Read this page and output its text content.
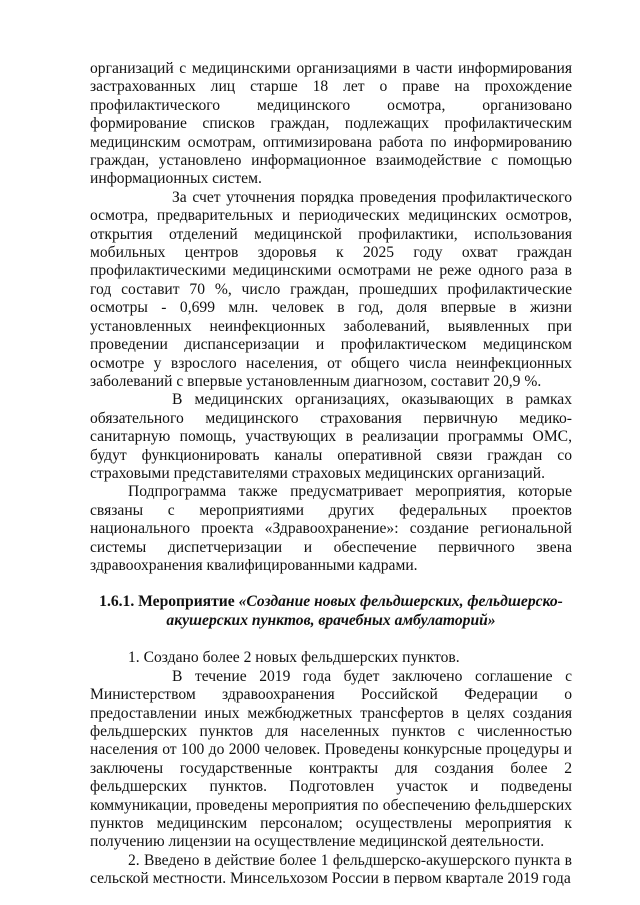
организаций с медицинскими организациями в части информирования застрахованных лиц старше 18 лет о праве на прохождение профилактического медицинского осмотра, организовано формирование списков граждан, подлежащих профилактическим медицинским осмотрам, оптимизирована работа по информированию граждан, установлено информационное взаимодействие с помощью информационных систем.

За счет уточнения порядка проведения профилактического осмотра, предварительных и периодических медицинских осмотров, открытия отделений медицинской профилактики, использования мобильных центров здоровья к 2025 году охват граждан профилактическими медицинскими осмотрами не реже одного раза в год составит 70 %, число граждан, прошедших профилактические осмотры - 0,699 млн. человек в год, доля впервые в жизни установленных неинфекционных заболеваний, выявленных при проведении диспансеризации и профилактическом медицинском осмотре у взрослого населения, от общего числа неинфекционных заболеваний с впервые установленным диагнозом, составит 20,9 %.

В медицинских организациях, оказывающих в рамках обязательного медицинского страхования первичную медико-санитарную помощь, участвующих в реализации программы ОМС, будут функционировать каналы оперативной связи граждан со страховыми представителями страховых медицинских организаций.

Подпрограмма также предусматривает мероприятия, которые связаны с мероприятиями других федеральных проектов национального проекта «Здравоохранение»: создание региональной системы диспетчеризации и обеспечение первичного звена здравоохранения квалифицированными кадрами.

1.6.1. Мероприятие «Создание новых фельдшерских, фельдшерско-акушерских пунктов, врачебных амбулаторий»

1. Создано более 2 новых фельдшерских пунктов.

В течение 2019 года будет заключено соглашение с Министерством здравоохранения Российской Федерации о предоставлении иных межбюджетных трансфертов в целях создания фельдшерских пунктов для населенных пунктов с численностью населения от 100 до 2000 человек. Проведены конкурсные процедуры и заключены государственные контракты для создания более 2 фельдшерских пунктов. Подготовлен участок и подведены коммуникации, проведены мероприятия по обеспечению фельдшерских пунктов медицинским персоналом; осуществлены мероприятия к получению лицензии на осуществление медицинской деятельности.

2. Введено в действие более 1 фельдшерско-акушерского пункта в сельской местности. Минсельхозом России в первом квартале 2019 года
